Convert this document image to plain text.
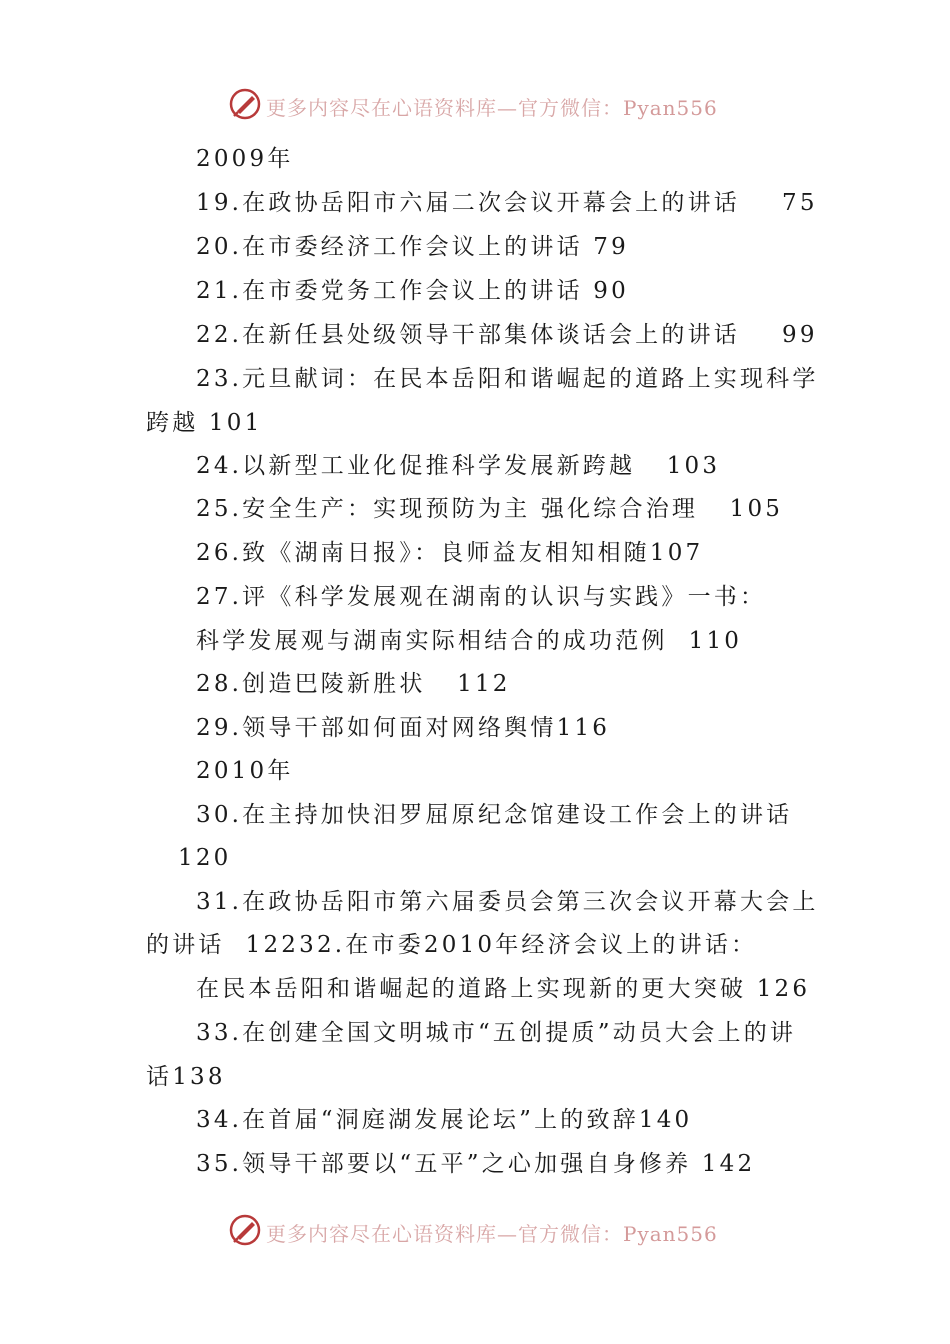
更多内容尽在心语资料库—官方微信：Pyan556
2009年
19.在政协岳阳市六届二次会议开幕会上的讲话    75
20.在市委经济工作会议上的讲话 79
21.在市委党务工作会议上的讲话 90
22.在新任县处级领导干部集体谈话会上的讲话    99
23.元旦献词：在民本岳阳和谐崛起的道路上实现科学
跨越 101
24.以新型工业化促推科学发展新跨越   103
25.安全生产：实现预防为主 强化综合治理   105
26.致《湖南日报》：良师益友相知相随107
27.评《科学发展观在湖南的认识与实践》一书：
科学发展观与湖南实际相结合的成功范例  110
28.创造巴陵新胜状   112
29.领导干部如何面对网络舆情116
2010年
30.在主持加快汨罗屈原纪念馆建设工作会上的讲话
120
31.在政协岳阳市第六届委员会第三次会议开幕大会上
的讲话  12232.在市委2010年经济会议上的讲话：
在民本岳阳和谐崛起的道路上实现新的更大突破 126
33.在创建全国文明城市“五创提质”动员大会上的讲
话138
34.在首届“洞庭湖发展论坛”上的致辞140
35.领导干部要以“五平”之心加强自身修养 142
更多内容尽在心语资料库—官方微信：Pyan556
